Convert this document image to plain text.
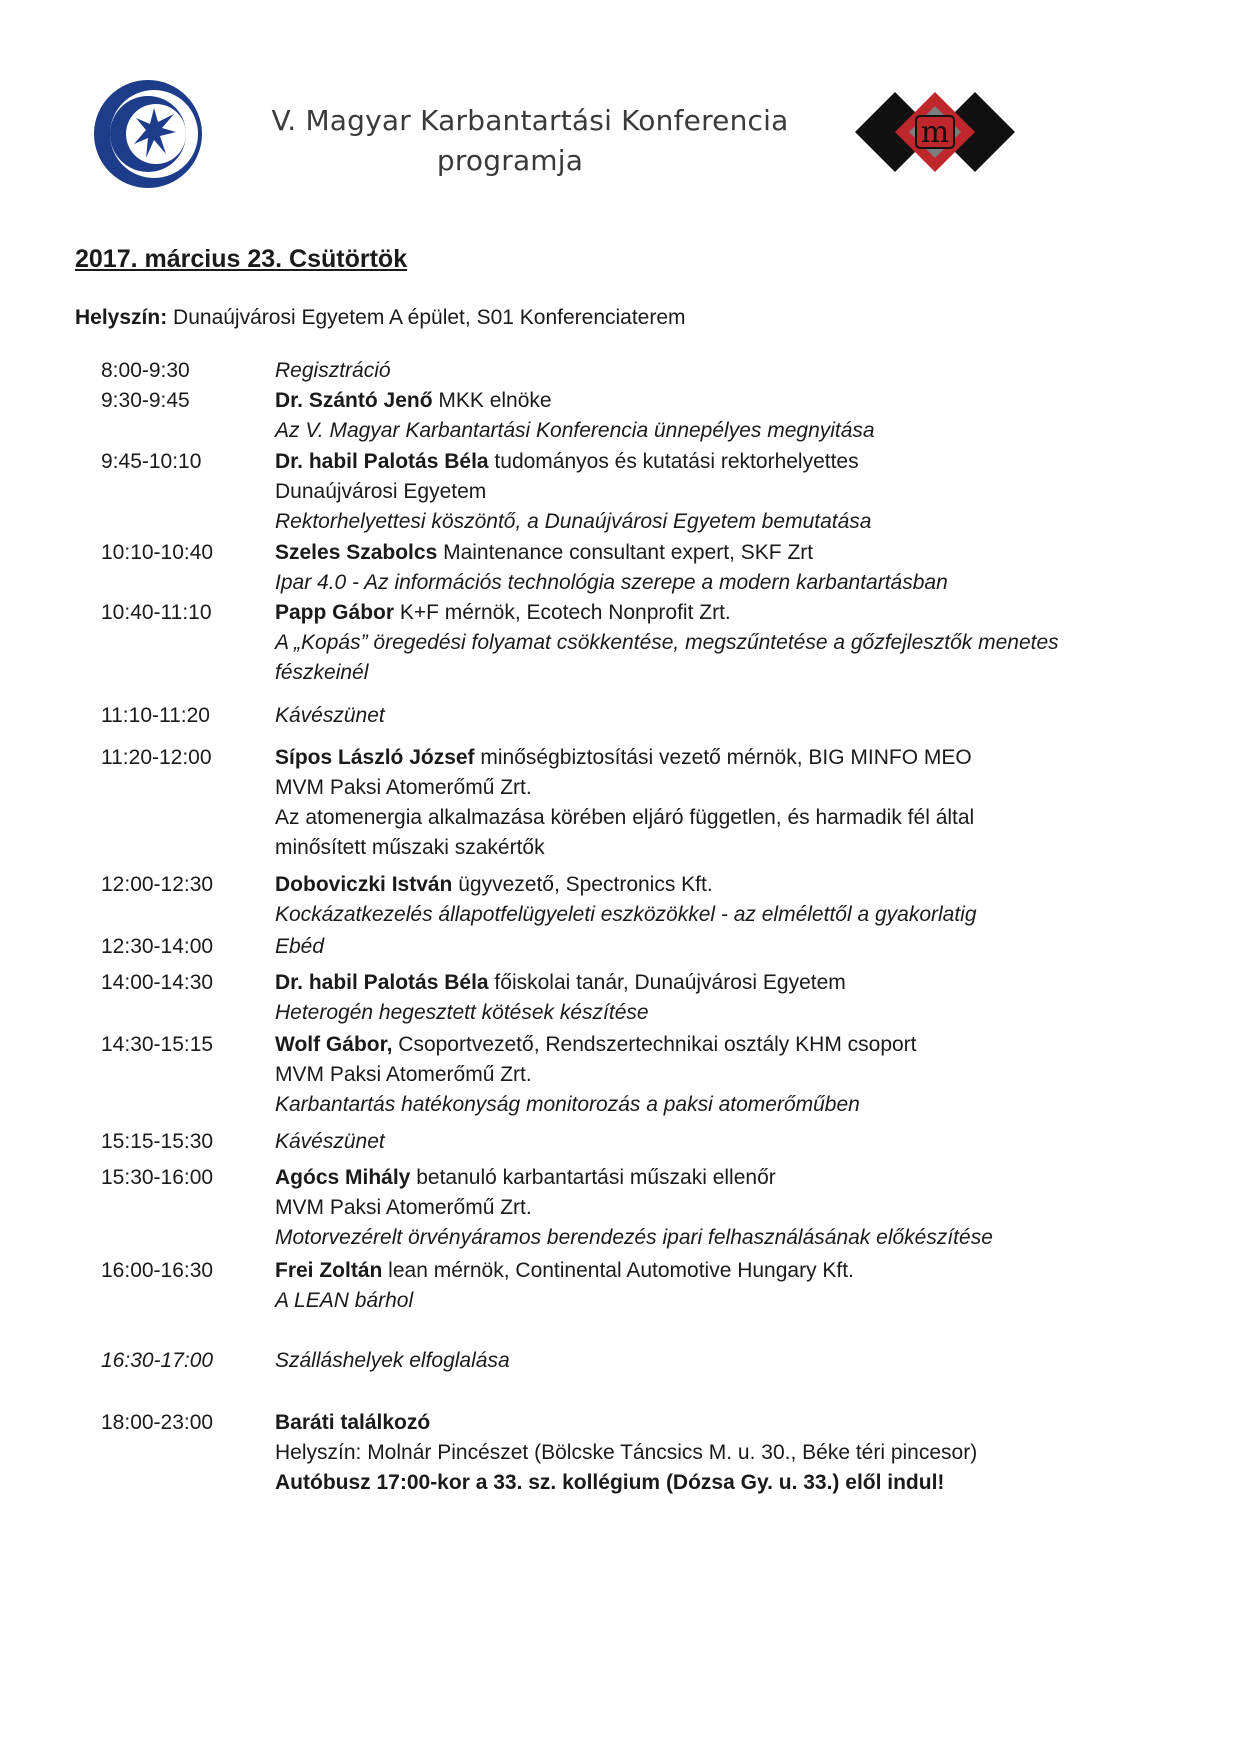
m
V. Magyar Karbantartási Konferencia
programja
2017. március 23. Csütörtök
Helyszín: Dunaújvárosi Egyetem A épület, S01 Konferenciaterem
8:00-9:30	Regisztráció
9:30-9:45	Dr. Szántó Jenő MKK elnöke
Az V. Magyar Karbantartási Konferencia ünnepélyes megnyitása
9:45-10:10	Dr. habil Palotás Béla tudományos és kutatási rektorhelyettes
Dunaújvárosi Egyetem
Rektorhelyettesi köszöntő, a Dunaújvárosi Egyetem bemutatása
10:10-10:40	Szeles Szabolcs Maintenance consultant expert, SKF Zrt
Ipar 4.0 - Az információs technológia szerepe a modern karbantartásban
10:40-11:10	Papp Gábor K+F mérnök, Ecotech Nonprofit Zrt.
A „Kopás” öregedési folyamat csökkentése, megszűntetése a gőzfejlesztők menetes
fészkeinél
11:10-11:20	Kávészünet
11:20-12:00	Sípos László József minőségbiztosítási vezető mérnök, BIG MINFO MEO
MVM Paksi Atomerőmű Zrt.
Az atomenergia alkalmazása körében eljáró független, és harmadik fél által
minősített műszaki szakértők
12:00-12:30	Doboviczki István ügyvezető, Spectronics Kft.
Kockázatkezelés állapotfelügyeleti eszközökkel - az elmélettől a gyakorlatig
12:30-14:00	Ebéd
14:00-14:30	Dr. habil Palotás Béla főiskolai tanár, Dunaújvárosi Egyetem
Heterogén hegesztett kötések készítése
14:30-15:15	Wolf Gábor, Csoportvezető, Rendszertechnikai osztály KHM csoport
MVM Paksi Atomerőmű Zrt.
Karbantartás hatékonyság monitorozás a paksi atomerőműben
15:15-15:30	Kávészünet
15:30-16:00	Agócs Mihály betanuló karbantartási műszaki ellenőr
MVM Paksi Atomerőmű Zrt.
Motorvezérelt örvényáramos berendezés ipari felhasználásának előkészítése
16:00-16:30	Frei Zoltán lean mérnök, Continental Automotive Hungary Kft.
A LEAN bárhol
16:30-17:00	Szálláshelyek elfoglalása
18:00-23:00	Baráti találkozó
Helyszín: Molnár Pincészet (Bölcske Táncsics M. u. 30., Béke téri pincesor)
Autóbusz 17:00-kor a 33. sz. kollégium (Dózsa Gy. u. 33.) elől indul!
